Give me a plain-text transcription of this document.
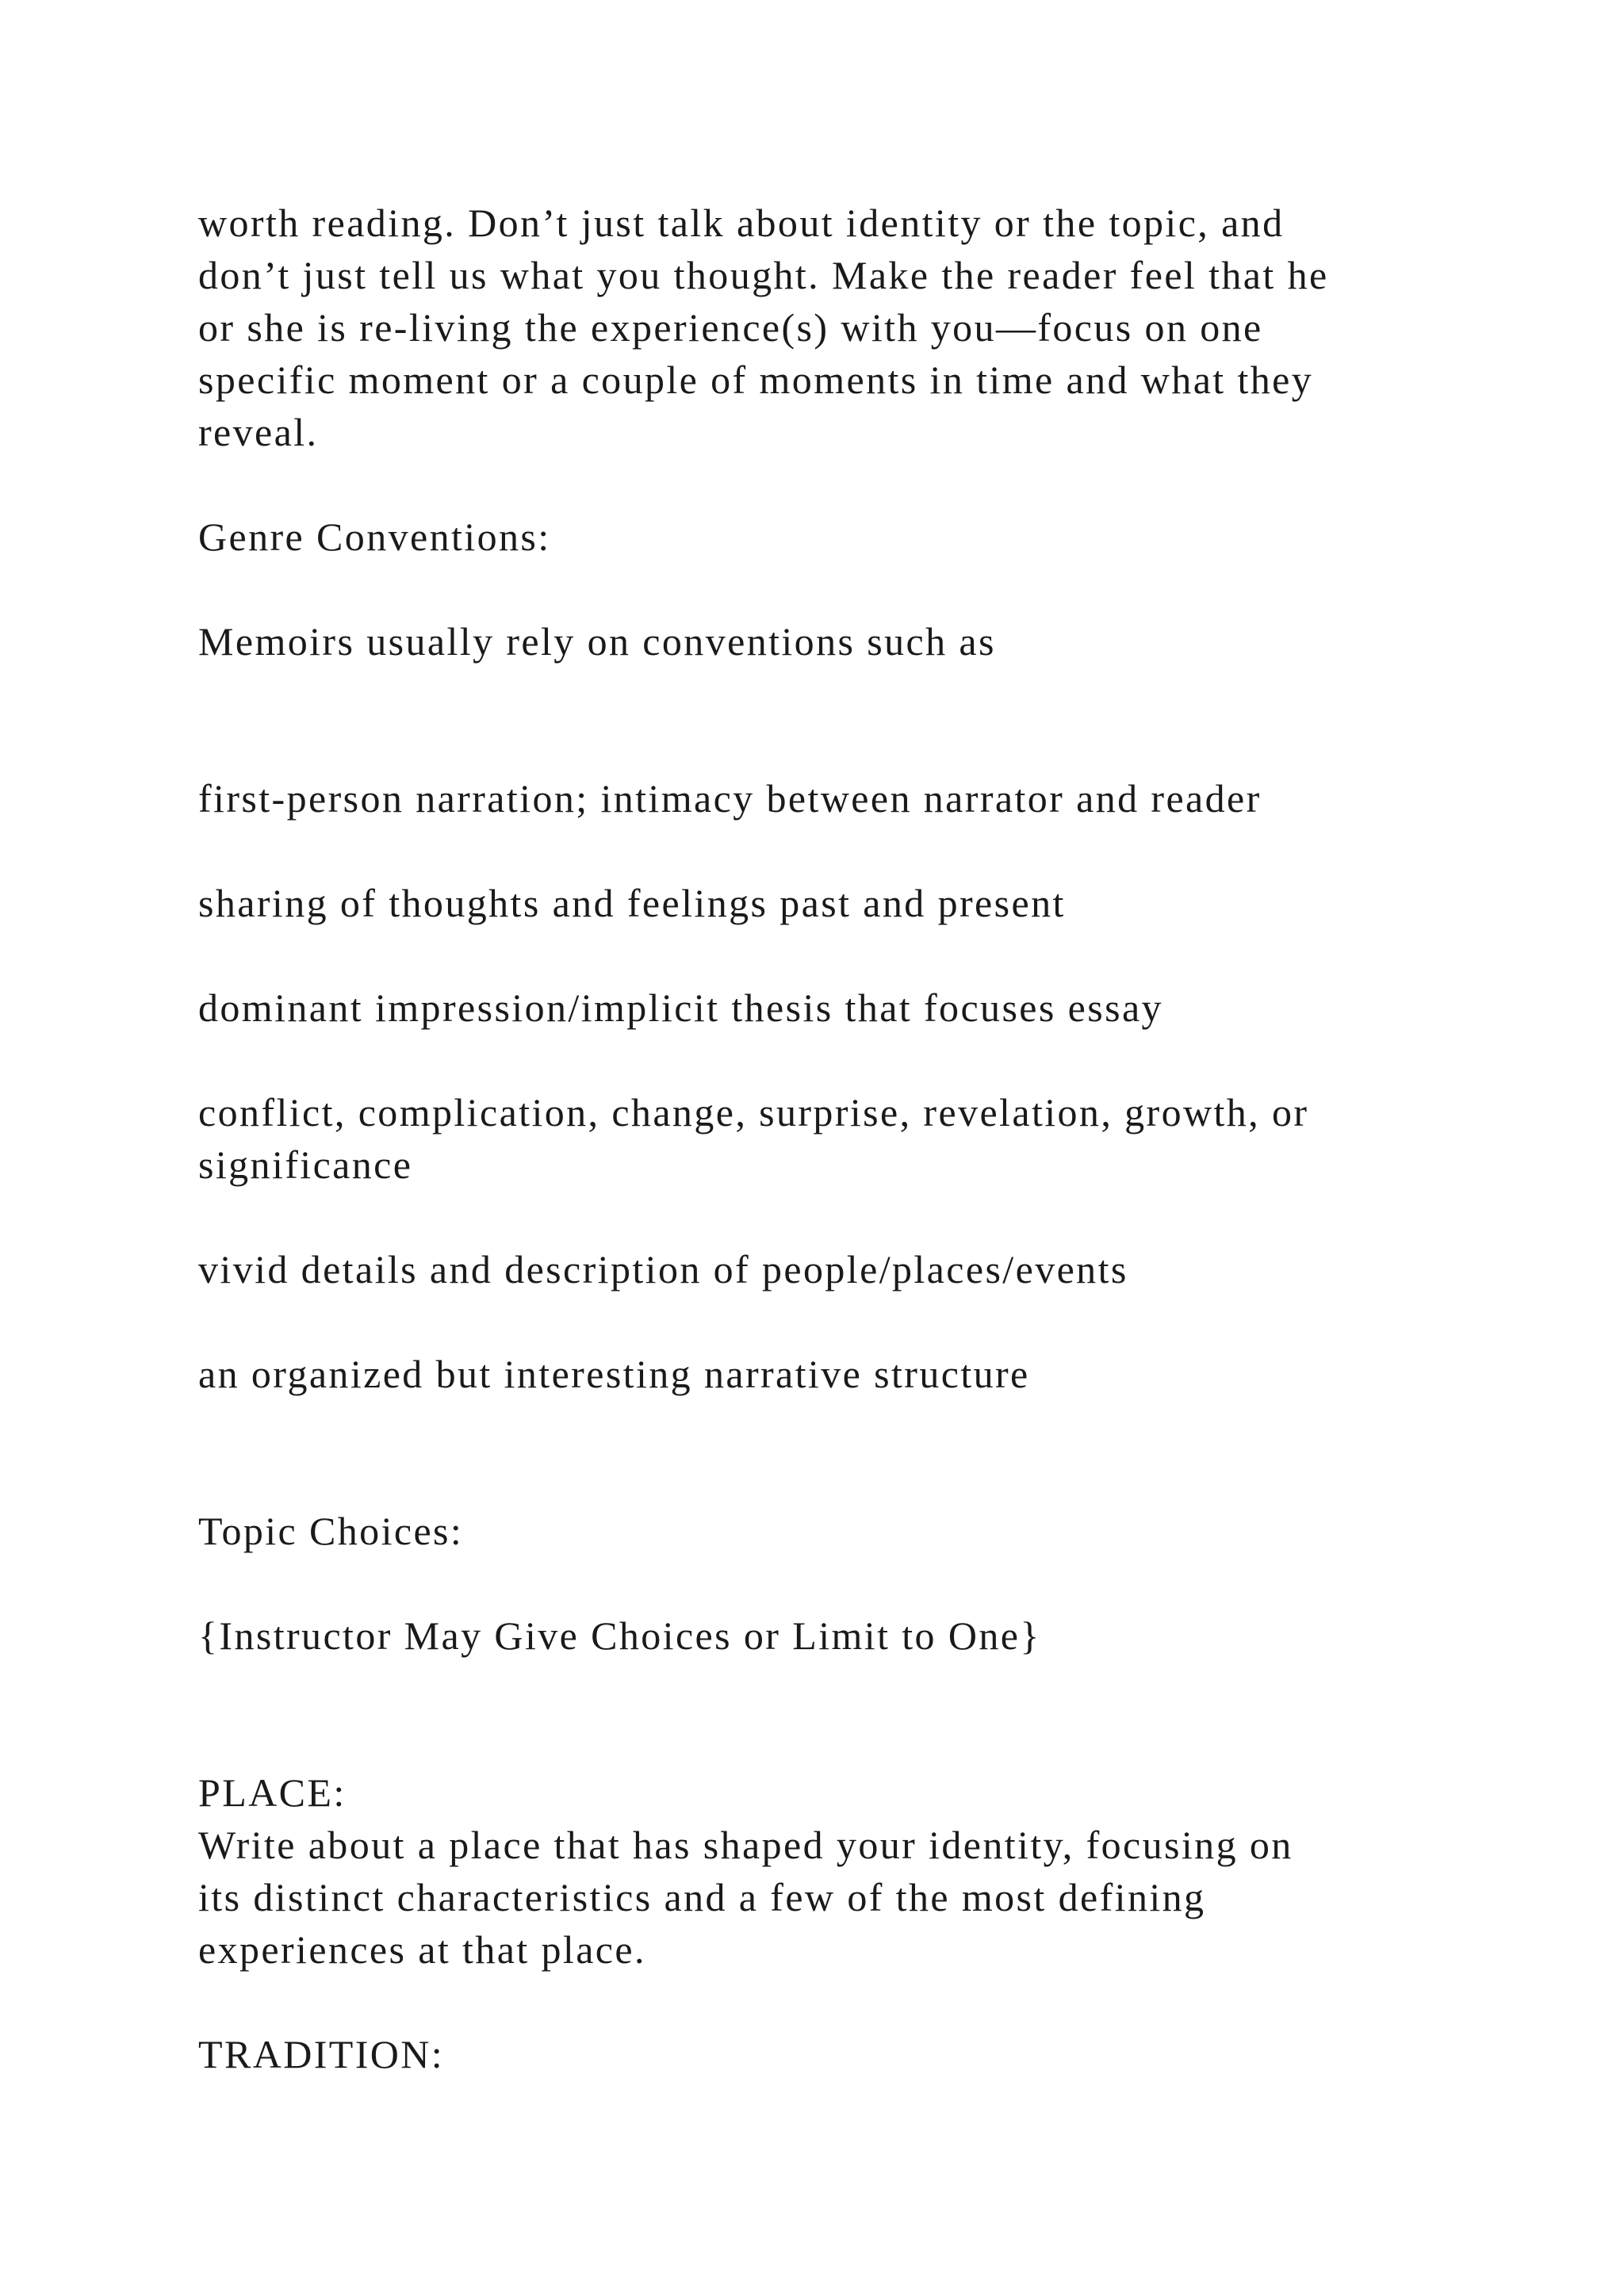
worth reading. Don’t just talk about identity or the topic, and
don’t just tell us what you thought. Make the reader feel that he
or she is re-living the experience(s) with you—focus on one
specific moment or a couple of moments in time and what they
reveal.

Genre Conventions:

Memoirs usually rely on conventions such as

first-person narration; intimacy between narrator and reader

sharing of thoughts and feelings past and present

dominant impression/implicit thesis that focuses essay

conflict, complication, change, surprise, revelation, growth, or
significance

vivid details and description of people/places/events

an organized but interesting narrative structure

Topic Choices:

{Instructor May Give Choices or Limit to One}

PLACE:

Write about a place that has shaped your identity, focusing on
its distinct characteristics and a few of the most defining
experiences at that place.

TRADITION:
